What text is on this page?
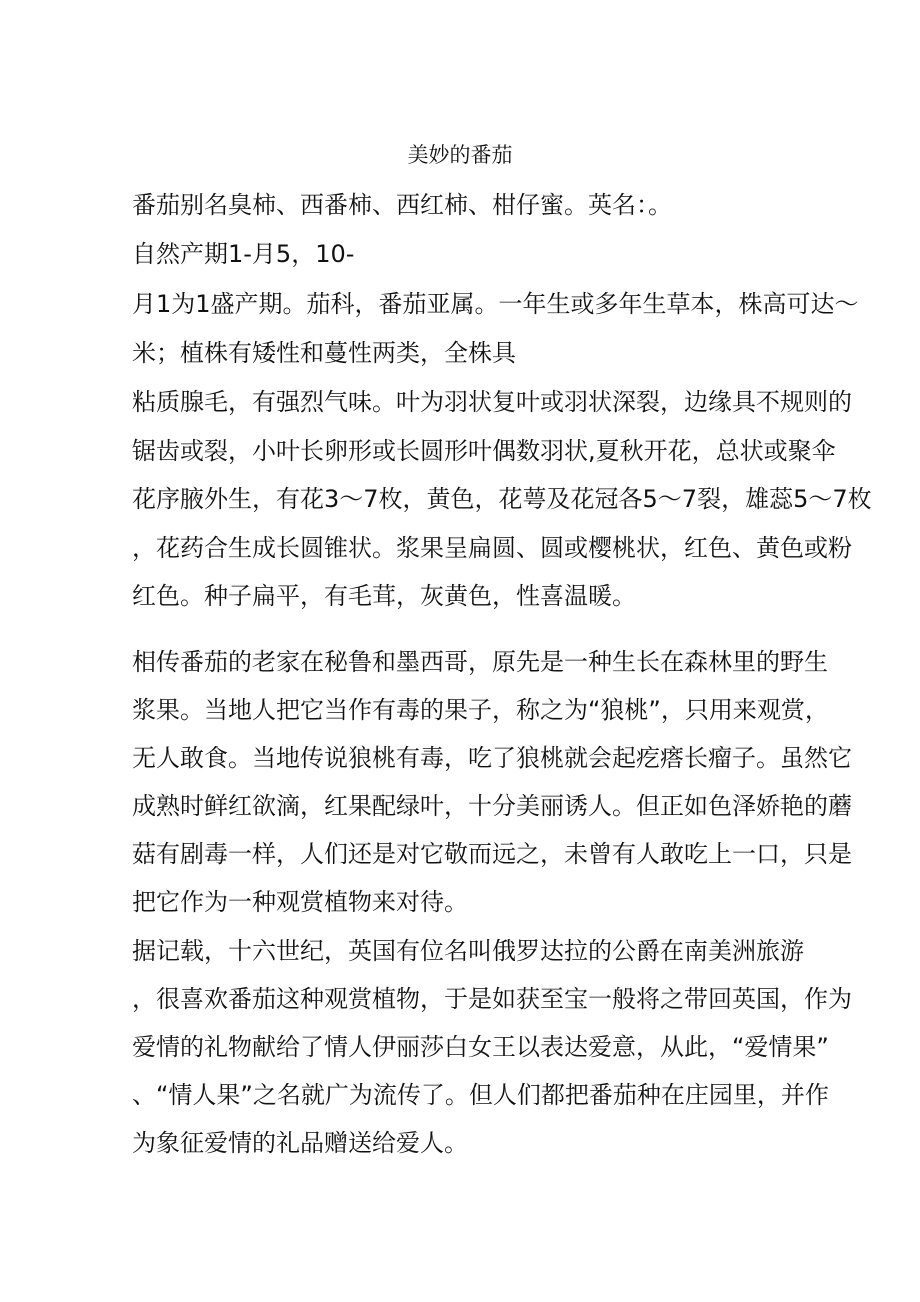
美妙的番茄
番茄别名臭柿、西番柿、西红柿、柑仔蜜。英名：。
自然产期1-月5，10-
月1为1盛产期。茄科，番茄亚属。一年生或多年生草本，株高可达〜
米；植株有矮性和蔓性两类，全株具
粘质腺毛，有强烈气味。叶为羽状复叶或羽状深裂，边缘具不规则的
锯齿或裂，小叶长卵形或长圆形叶偶数羽状,夏秋开花，总状或聚伞
花序腋外生，有花3〜7枚，黄色，花萼及花冠各5〜7裂，雄蕊5〜7枚
，花药合生成长圆锥状。浆果呈扁圆、圆或樱桃状，红色、黄色或粉
红色。种子扁平，有毛茸，灰黄色，性喜温暖。
相传番茄的老家在秘鲁和墨西哥，原先是一种生长在森林里的野生
浆果。当地人把它当作有毒的果子，称之为“狼桃”，只用来观赏，
无人敢食。当地传说狼桃有毒，吃了狼桃就会起疙瘩长瘤子。虽然它
成熟时鲜红欲滴，红果配绿叶，十分美丽诱人。但正如色泽娇艳的蘑
菇有剧毒一样，人们还是对它敬而远之，未曾有人敢吃上一口，只是
把它作为一种观赏植物来对待。
据记载，十六世纪，英国有位名叫俄罗达拉的公爵在南美洲旅游
，很喜欢番茄这种观赏植物，于是如获至宝一般将之带回英国，作为
爱情的礼物献给了情人伊丽莎白女王以表达爱意，从此，“爱情果”
、“情人果”之名就广为流传了。但人们都把番茄种在庄园里，并作
为象征爱情的礼品赠送给爱人。
